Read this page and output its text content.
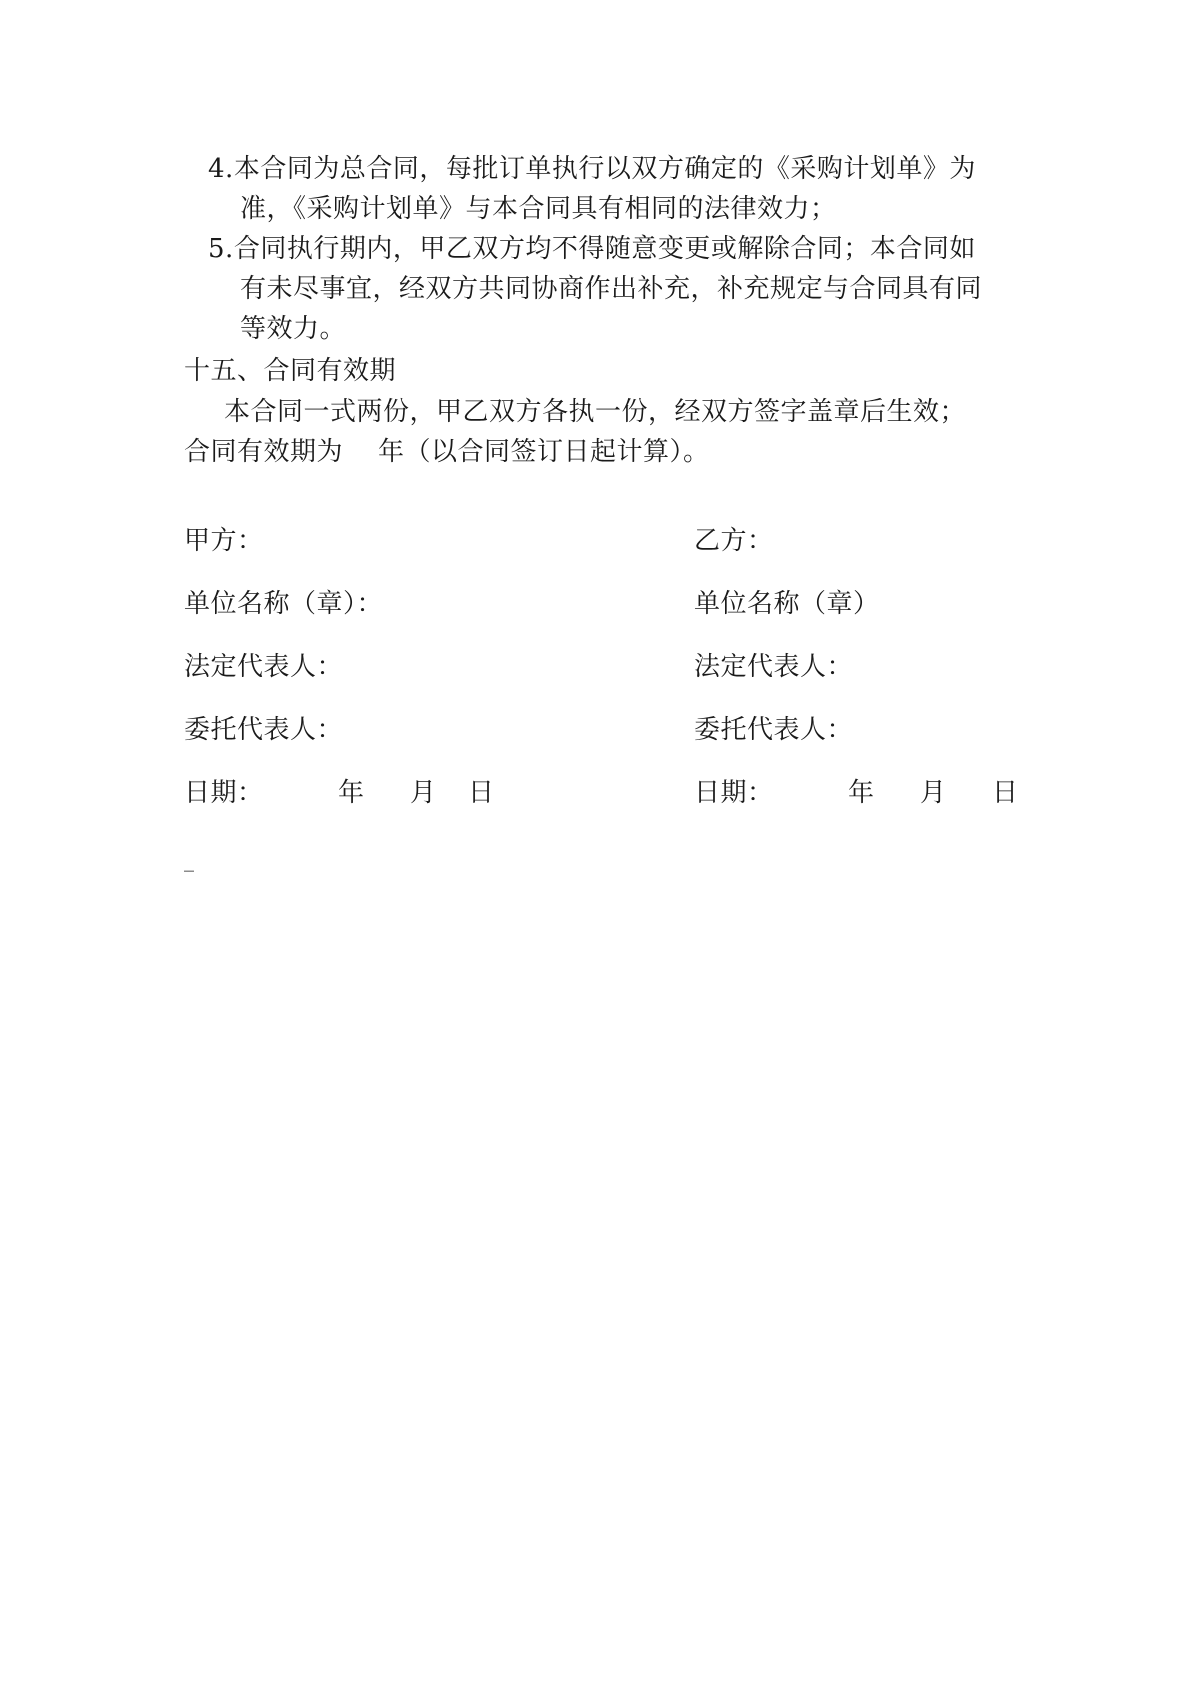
4.本合同为总合同，每批订单执行以双方确定的《采购计划单》为
准，《采购计划单》与本合同具有相同的法律效力；
5.合同执行期内，甲乙双方均不得随意变更或解除合同；本合同如
有未尽事宜，经双方共同协商作出补充，补充规定与合同具有同
等效力。
十五、合同有效期
本合同一式两份，甲乙双方各执一份，经双方签字盖章后生效；
合同有效期为    年（以合同签订日起计算）。
甲方：
单位名称（章）：
法定代表人：
委托代表人：
日期：	年 月 日
乙方：
单位名称（章）
法定代表人：
委托代表人：
日期：	年 月 日
_
